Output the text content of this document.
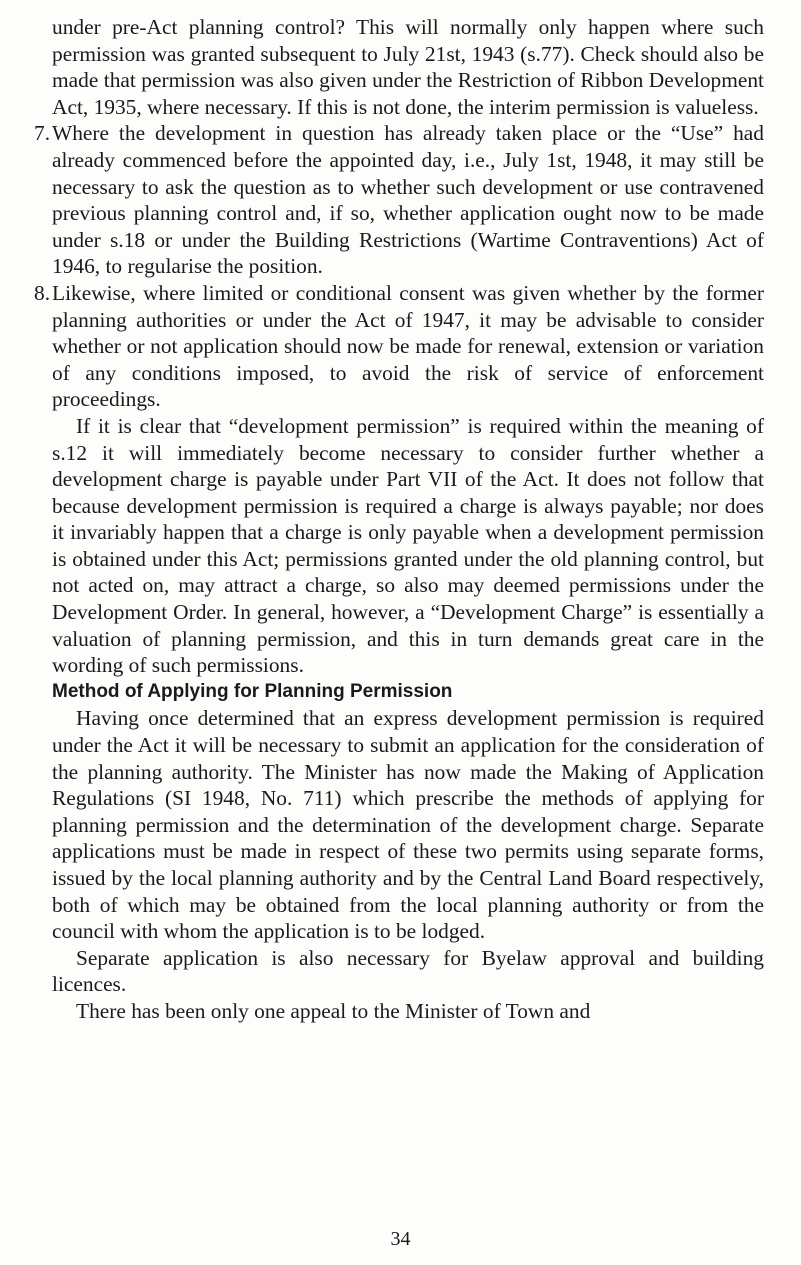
under pre-Act planning control? This will normally only happen where such permission was granted subsequent to July 21st, 1943 (s.77). Check should also be made that permission was also given under the Restriction of Ribbon Development Act, 1935, where necessary. If this is not done, the interim permission is valueless.

7. Where the development in question has already taken place or the “Use” had already commenced before the appointed day, i.e., July 1st, 1948, it may still be necessary to ask the question as to whether such development or use contravened previous planning control and, if so, whether application ought now to be made under s.18 or under the Building Restrictions (Wartime Contraventions) Act of 1946, to regularise the position.

8. Likewise, where limited or conditional consent was given whether by the former planning authorities or under the Act of 1947, it may be advisable to consider whether or not application should now be made for renewal, extension or variation of any conditions imposed, to avoid the risk of service of enforcement proceedings.

If it is clear that “development permission” is required within the meaning of s.12 it will immediately become necessary to consider further whether a development charge is payable under Part VII of the Act. It does not follow that because development permission is required a charge is always payable; nor does it invariably happen that a charge is only payable when a development permission is obtained under this Act; permissions granted under the old planning control, but not acted on, may attract a charge, so also may deemed permissions under the Development Order. In general, however, a “Development Charge” is essentially a valuation of planning permission, and this in turn demands great care in the wording of such permissions.

Method of Applying for Planning Permission

Having once determined that an express development permission is required under the Act it will be necessary to submit an application for the consideration of the planning authority. The Minister has now made the Making of Application Regulations (SI 1948, No. 711) which prescribe the methods of applying for planning permission and the determination of the development charge. Separate applications must be made in respect of these two permits using separate forms, issued by the local planning authority and by the Central Land Board respectively, both of which may be obtained from the local planning authority or from the council with whom the application is to be lodged.

Separate application is also necessary for Byelaw approval and building licences.

There has been only one appeal to the Minister of Town and

34
